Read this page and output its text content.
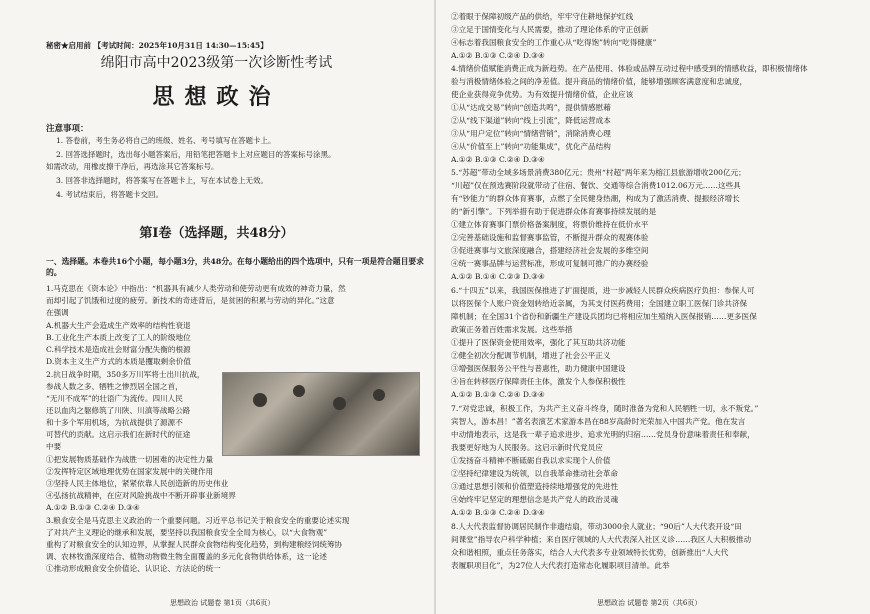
秘密★启用前 【考试时间：2025年10月31日 14:30—15:45】
绵阳市高中2023级第一次诊断性考试
思想政治
注意事项：
1. 答卷前，考生务必将自己的班级、姓名、考号填写在答题卡上。
2. 回答选择题时，选出每小题答案后，用铅笔把答题卡上对应题目的答案标号涂黑。
如需改动，用橡皮擦干净后，再选涂其它答案标号。
3. 回答非选择题时，将答案写在答题卡上，写在本试卷上无效。
4. 考试结束后，将答题卡交回。
第Ⅰ卷（选择题，共48分）
一、选择题。本卷共16个小题，每小题3分，共48分。在每小题给出的四个选项中，只有一项是符合题目要求的。
1.马克思在《资本论》中指出：“机器具有减少人类劳动和使劳动更有成效的神奇力量，然
而却引起了饥饿和过度的疲劳。新技术的奇迹背后，是贫困的积累与劳动的异化。”这意
在强调
A.机器大生产会造成生产效率的结构性衰退
B.工业化生产本质上改变了工人的阶级地位
C.科学技术是造成社会财富分配失衡的根源
D.资本主义生产方式的本质是攫取剩余价值
2.抗日战争时期，350多万川军将士出川抗战，
参战人数之多、牺牲之惨烈居全国之首，
“无川不成军”的壮语广为流传。四川人民
还以血肉之躯修筑了川陕、川滇等战略公路
和十多个军用机场，为抗战提供了源源不
可替代的贡献。这启示我们在新时代的征途
中要
①把发展物质基础作为战胜一切困难的决定性力量
②发挥特定区域地理优势在国家发展中的关键作用
③坚持人民主体地位，紧紧依靠人民创造新的历史伟业
④弘扬抗战精神，在应对风险挑战中不断开辟事业新境界
A.①② B.①③ C.②④ D.③④
3.粮食安全是马克思主义政治的一个重要问题。习近平总书记关于粮食安全的重要论述实现
了对共产主义理论的继承和发展，要坚持以我国粮食安全全局为核心，以“大食物观”
重构了对粮食安全的认知边界，从掌握人民群众食物结构变化趋势，到构建粮经饲统筹协
调、农林牧渔深度结合、植物动物微生物全面覆盖的多元化食物供给体系，这一论述
①推动形成粮食安全价值论、认识论、方法论的统一
思想政治 试题卷 第1页（共6页）
②着眼于保障初级产品的供给，牢牢守住耕地保护红线
③立足于国情变化与人民需要，推动了理论体系的守正创新
④标志着我国粮食安全的工作重心从“吃得饱”转向“吃得健康”
A.①② B.①③ C.②④ D.③④
4.情绪价值赋能消费正成为新趋势。在产品使用、体验或品牌互动过程中感受到的情感收益，即积极情绪体
验与消极情绪体验之间的净差值。提升商品的情绪价值，能够增强顾客满意度和忠诚度，
使企业获得竞争优势。为有效提升情绪价值，企业应该
①从“达成交易”转向“创造共鸣”，提供情感慰藉
②从“线下渠道”转向“线上引流”，降低运营成本
③从“用户定位”转向“情绪营销”，消除消费心理
④从“价值至上”转向“功能集成”，优化产品结构
A.①② B.①③ C.②④ D.③④
5.“苏超”带动全域多场景消费380亿元；贵州“村超”两年来为榕江县旅游增收200亿元；
“川超”仅在预选赛阶段就带动了住宿、餐饮、交通等综合消费1012.06万元……这些具
有“钞能力”的群众体育赛事，点燃了全民健身热潮，构成为了激活消费、提振经济增长
的“新引擎”。下列举措有助于促进群众体育赛事持续发展的是
①建立体育赛事门票价格备案制度，将票价维持在低价水平
②完善基础设施和监督赛事监管，不断提升群众的观赛体验
③促进赛事与文旅深度融合，搭建经济社会发展的多维空间
④统一赛事品牌与运营标准，形成可复制可推广的办赛经验
A.①② B.①④ C.②③ D.③④
6.“十四五”以来，我国医保推进了扩面提质，进一步减轻人民群众疾病医疗负担：参保人可
以将医保个人账户资金划转给近亲属，为其支付医药费用；全国建立职工医保门诊共济保
障机制；在全国31个省份和新疆生产建设兵团均已将相应加生殖纳入医保报销……更多医保
政策正务着百姓需求发展。这些举措
①提升了医保资金使用效率，强化了其互助共济功能
②健全初次分配调节机制，增进了社会公平正义
③增强医保服务公平性与普惠性，助力健康中国建设
④旨在转移医疗保障责任主体，激发个人参保积极性
A.①② B.①③ C.②④ D.③④
7.“对党忠诚，积极工作，为共产主义奋斗终身，随时准备为党和人民牺牲一切，永不叛党。”
宾智人，游本昌！”著名表演艺术家游本昌在88岁高龄时光荣加入中国共产党。他在发言
中动情地表示，这是我一辈子追求进步、追求光明的归宿……党员身份意味着责任和奉献，
我要更好地为人民服务。这启示新时代党员应
①发扬奋斗精神不断砥砺自我以求实现个人价值
②坚持纪律建设为统领，以自我革命推动社会革命
③通过思想引领和价值塑造持续地增强党的先进性
④始终牢记坚定的理想信念是共产党人的政治灵魂
A.①② B.①③ C.②④ D.③④
8.人大代表监督协调居民制作非遗结扇，带动3000余人就业；“90后”人大代表开设“田
间课堂”指导农户科学种植；来自医疗领域的人大代表深入社区义诊……我区人大积极推动
众和谐相照，重点任务落实，结合人大代表多专业领域特长优势，创新推出“人大代
表履职项目化”，为27位人大代表打造常态化履职项目清单。此举
思想政治 试题卷 第2页（共6页）
